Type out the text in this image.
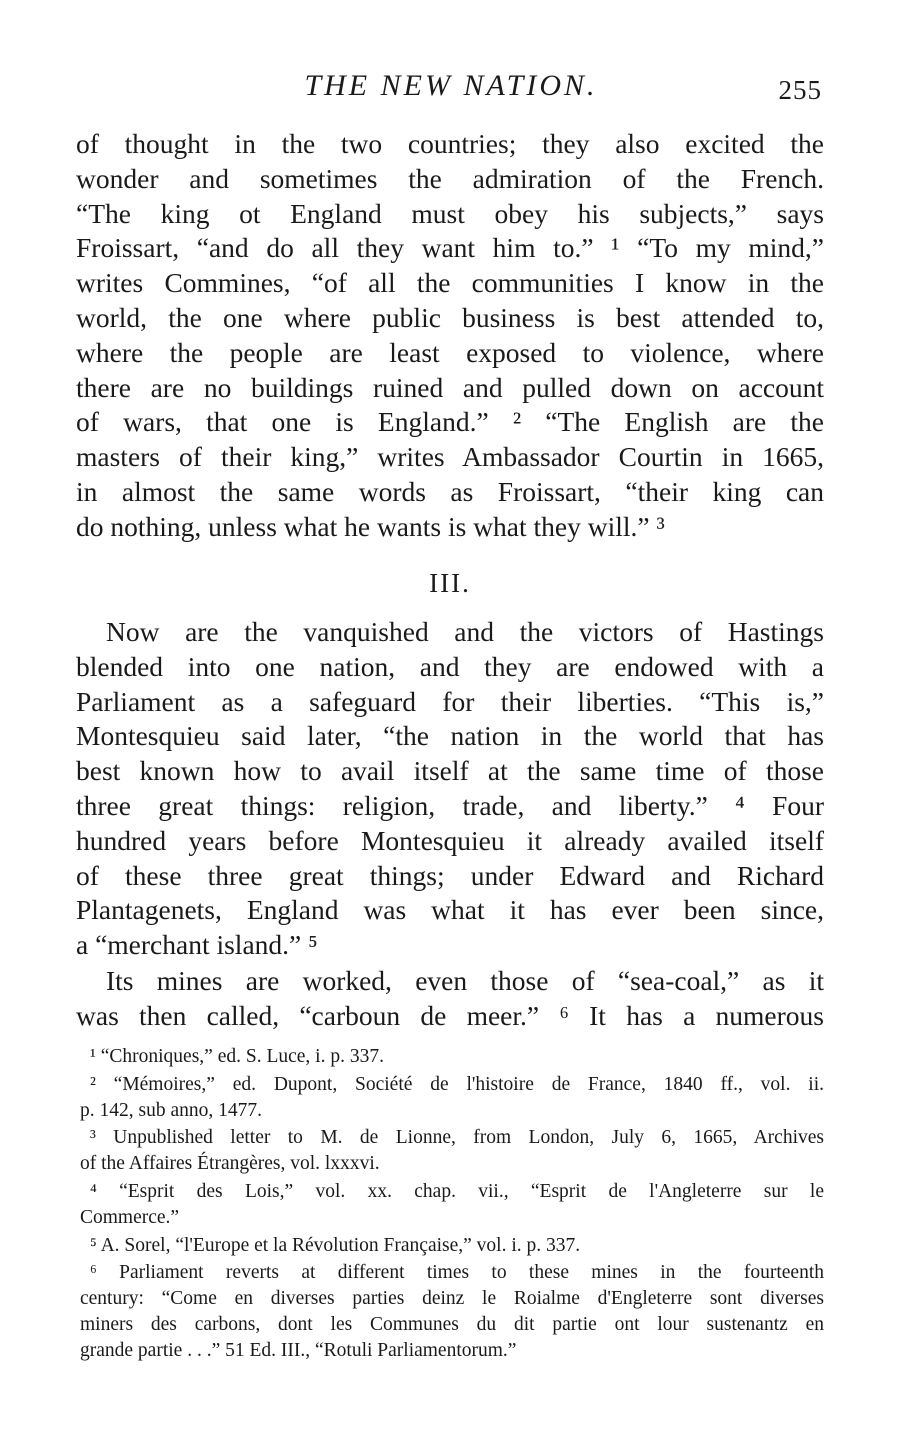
THE NEW NATION.	255
of thought in the two countries; they also excited the
wonder and sometimes the admiration of the French.
“The king ot England must obey his subjects,” says
Froissart, “and do all they want him to.” ¹ “To my mind,”
writes Commines, “of all the communities I know in the
world, the one where public business is best attended to,
where the people are least exposed to violence, where
there are no buildings ruined and pulled down on account
of wars, that one is England.” ² “The English are the
masters of their king,” writes Ambassador Courtin in 1665,
in almost the same words as Froissart, “their king can
do nothing, unless what he wants is what they will.” ³
III.
Now are the vanquished and the victors of Hastings
blended into one nation, and they are endowed with a
Parliament as a safeguard for their liberties. “This is,”
Montesquieu said later, “the nation in the world that has
best known how to avail itself at the same time of those
three great things: religion, trade, and liberty.” ⁴ Four
hundred years before Montesquieu it already availed itself
of these three great things; under Edward and Richard
Plantagenets, England was what it has ever been since,
a “merchant island.” ⁵
Its mines are worked, even those of “sea-coal,” as it
was then called, “carboun de meer.” ⁶ It has a numerous
¹ “Chroniques,” ed. S. Luce, i. p. 337.
² “Mémoires,” ed. Dupont, Société de l'histoire de France, 1840 ff., vol. ii.
p. 142, sub anno, 1477.
³ Unpublished letter to M. de Lionne, from London, July 6, 1665, Archives
of the Affaires Étrangères, vol. lxxxvi.
⁴ “Esprit des Lois,” vol. xx. chap. vii., “Esprit de l'Angleterre sur le
Commerce.”
⁵ A. Sorel, “l'Europe et la Révolution Française,” vol. i. p. 337.
⁶ Parliament reverts at different times to these mines in the fourteenth
century: “Come en diverses parties deinz le Roialme d'Engleterre sont diverses
miners des carbons, dont les Communes du dit partie ont lour sustenantz en
grande partie . . .” 51 Ed. III., “Rotuli Parliamentorum.”
